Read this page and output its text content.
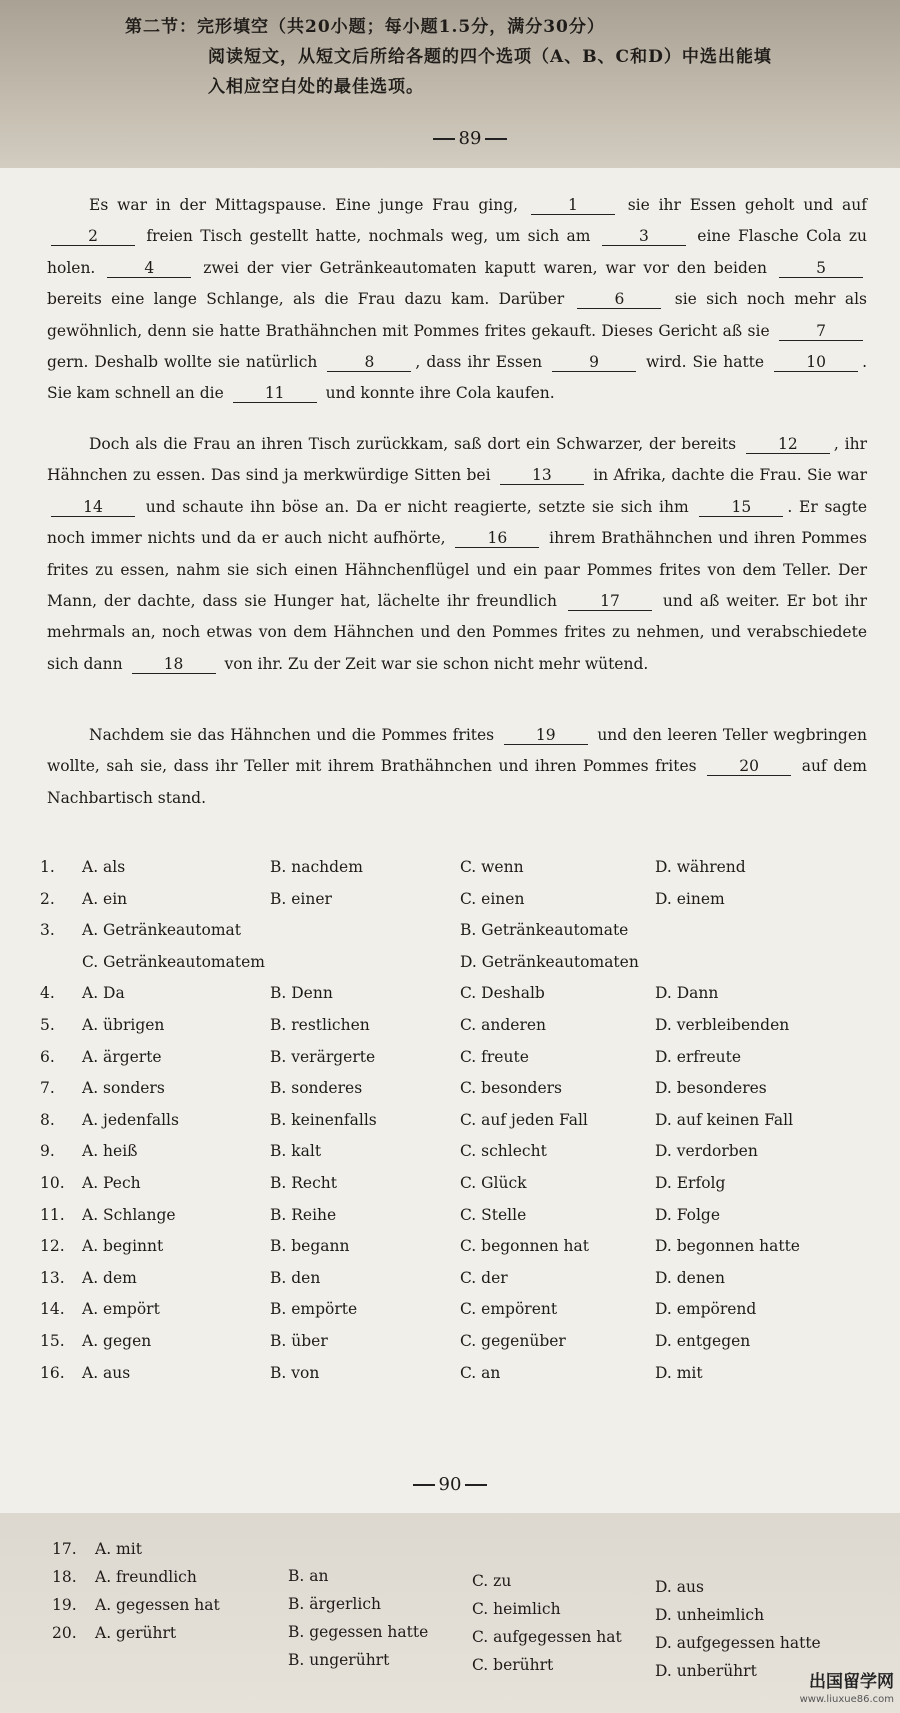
第二节：完形填空（共20小题；每小题1.5分，满分30分）
阅读短文，从短文后所给各题的四个选项（A、B、C和D）中选出能填
入相应空白处的最佳选项。
89

Es war in der Mittagspause. Eine junge Frau ging,	1	sie ihr Essen geholt und auf 2	freien Tisch gestellt hatte, nochmals weg, um sich am	3	eine Flasche Cola zu holen.	4	zwei der vier Getränkeautomaten kaputt waren, war vor den beiden	5 bereits eine lange Schlange, als die Frau dazu kam. Darüber	6	sie sich noch mehr als gewöhnlich, denn sie hatte Brathähnchen mit Pommes frites gekauft. Dieses Gericht aß sie	7 gern. Deshalb wollte sie natürlich	8	, dass ihr Essen	9	wird. Sie hatte 10 . Sie kam schnell an die 11 und konnte ihre Cola kaufen.

Doch als die Frau an ihren Tisch zurückkam, saß dort ein Schwarzer, der bereits 12 , ihr Hähnchen zu essen. Das sind ja merkwürdige Sitten bei 13 in Afrika, dachte die Frau. Sie war 14 und schaute ihn böse an. Da er nicht reagierte, setzte sie sich ihm 15 . Er sagte noch immer nichts und da er auch nicht aufhörte, 16 ihrem Brathähnchen und ihren Pommes frites zu essen, nahm sie sich einen Hähnchenflügel und ein paar Pommes frites von dem Teller. Der Mann, der dachte, dass sie Hunger hat, lächelte ihr freundlich 17 und aß weiter. Er bot ihr mehrmals an, noch etwas von dem Hähnchen und den Pommes frites zu nehmen, und verabschiedete sich dann 18 von ihr. Zu der Zeit war sie schon nicht mehr wütend.

Nachdem sie das Hähnchen und die Pommes frites 19 und den leeren Teller wegbringen wollte, sah sie, dass ihr Teller mit ihrem Brathähnchen und ihren Pommes frites 20 auf dem Nachbartisch stand.

1. A. als	B. nachdem	C. wenn	D. während
2. A. ein	B. einer	C. einen	D. einem
3. A. Getränkeautomat	B. Getränkeautomate
C. Getränkeautomatem	D. Getränkeautomaten
4. A. Da	B. Denn	C. Deshalb	D. Dann
5. A. übrigen	B. restlichen	C. anderen	D. verbleibenden
6. A. ärgerte	B. verärgerte	C. freute	D. erfreute
7. A. sonders	B. sonderes	C. besonders	D. besonderes
8. A. jedenfalls	B. keinenfalls	C. auf jeden Fall	D. auf keinen Fall
9. A. heiß	B. kalt	C. schlecht	D. verdorben
10. A. Pech	B. Recht	C. Glück	D. Erfolg
11. A. Schlange	B. Reihe	C. Stelle	D. Folge
12. A. beginnt	B. begann	C. begonnen hat	D. begonnen hatte
13. A. dem	B. den	C. der	D. denen
14. A. empört	B. empörte	C. empörent	D. empörend
15. A. gegen	B. über	C. gegenüber	D. entgegen
16. A. aus	B. von	C. an	D. mit
90
17. A. mit
B. an	C. zu	D. aus
18. A. freundlich
B. ärgerlich	C. heimlich	D. unheimlich
19. A. gegessen hat
B. gegessen hatte	C. aufgegessen hat D. aufgegessen hatte
20. A. gerührt
B. ungerührt	C. berührt	D. unberührt
出国留学网
www.liuxue86.com
